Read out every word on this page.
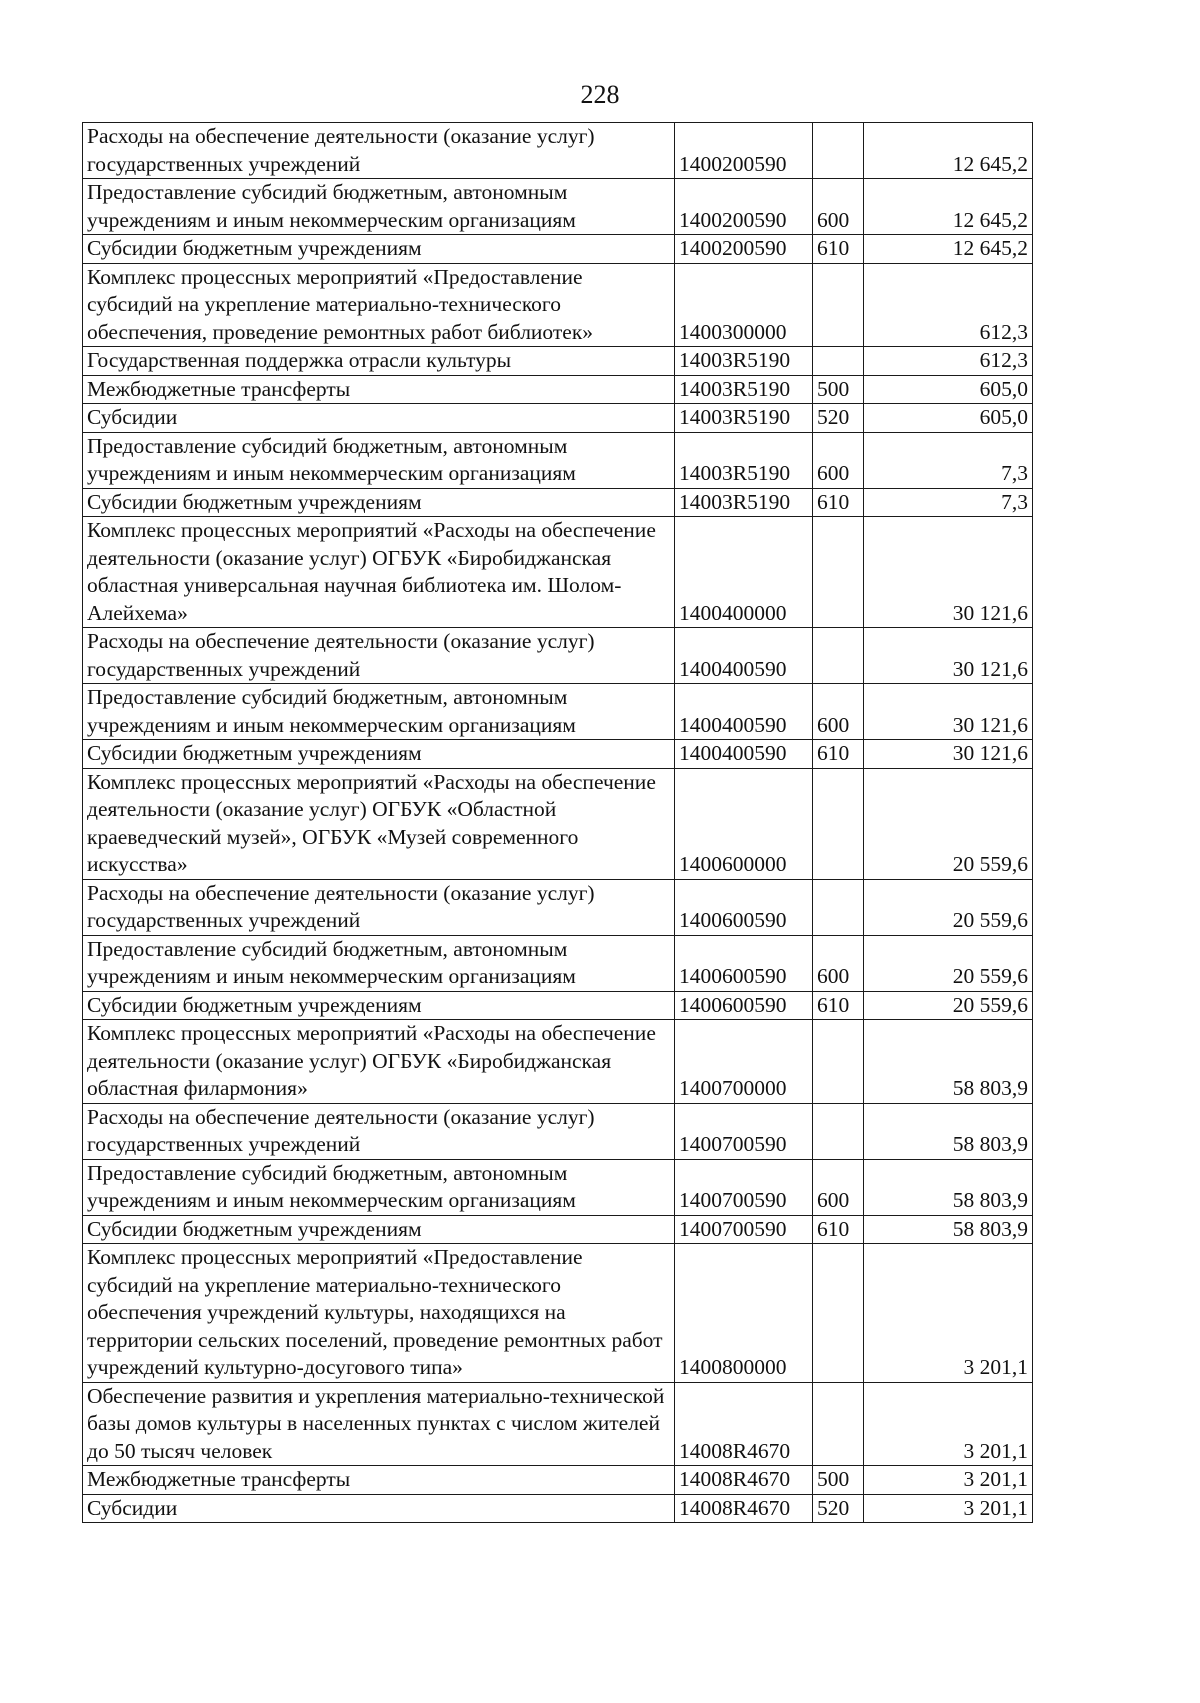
228
Расходы на обеспечение деятельности (оказание услуг) государственных учреждений	1400200590		12 645,2
Предоставление субсидий бюджетным, автономным учреждениям и иным некоммерческим организациям	1400200590	600	12 645,2
Субсидии бюджетным учреждениям	1400200590	610	12 645,2
Комплекс процессных мероприятий «Предоставление субсидий на укрепление материально-технического обеспечения, проведение ремонтных работ библиотек»	1400300000		612,3
Государственная поддержка отрасли культуры	14003R5190		612,3
Межбюджетные трансферты	14003R5190	500	605,0
Субсидии	14003R5190	520	605,0
Предоставление субсидий бюджетным, автономным учреждениям и иным некоммерческим организациям	14003R5190	600	7,3
Субсидии бюджетным учреждениям	14003R5190	610	7,3
Комплекс процессных мероприятий «Расходы на обеспечение деятельности (оказание услуг) ОГБУК «Биробиджанская областная универсальная научная библиотека им. Шолом-Алейхема»	1400400000		30 121,6
Расходы на обеспечение деятельности (оказание услуг) государственных учреждений	1400400590		30 121,6
Предоставление субсидий бюджетным, автономным учреждениям и иным некоммерческим организациям	1400400590	600	30 121,6
Субсидии бюджетным учреждениям	1400400590	610	30 121,6
Комплекс процессных мероприятий «Расходы на обеспечение деятельности (оказание услуг) ОГБУК «Областной краеведческий музей», ОГБУК «Музей современного искусства»	1400600000		20 559,6
Расходы на обеспечение деятельности (оказание услуг) государственных учреждений	1400600590		20 559,6
Предоставление субсидий бюджетным, автономным учреждениям и иным некоммерческим организациям	1400600590	600	20 559,6
Субсидии бюджетным учреждениям	1400600590	610	20 559,6
Комплекс процессных мероприятий «Расходы на обеспечение деятельности (оказание услуг) ОГБУК «Биробиджанская областная филармония»	1400700000		58 803,9
Расходы на обеспечение деятельности (оказание услуг) государственных учреждений	1400700590		58 803,9
Предоставление субсидий бюджетным, автономным учреждениям и иным некоммерческим организациям	1400700590	600	58 803,9
Субсидии бюджетным учреждениям	1400700590	610	58 803,9
Комплекс процессных мероприятий «Предоставление субсидий на укрепление материально-технического обеспечения учреждений культуры, находящихся на территории сельских поселений, проведение ремонтных работ учреждений культурно-досугового типа»	1400800000		3 201,1
Обеспечение развития и укрепления материально-технической базы домов культуры в населенных пунктах с числом жителей до 50 тысяч человек	14008R4670		3 201,1
Межбюджетные трансферты	14008R4670	500	3 201,1
Субсидии	14008R4670	520	3 201,1
